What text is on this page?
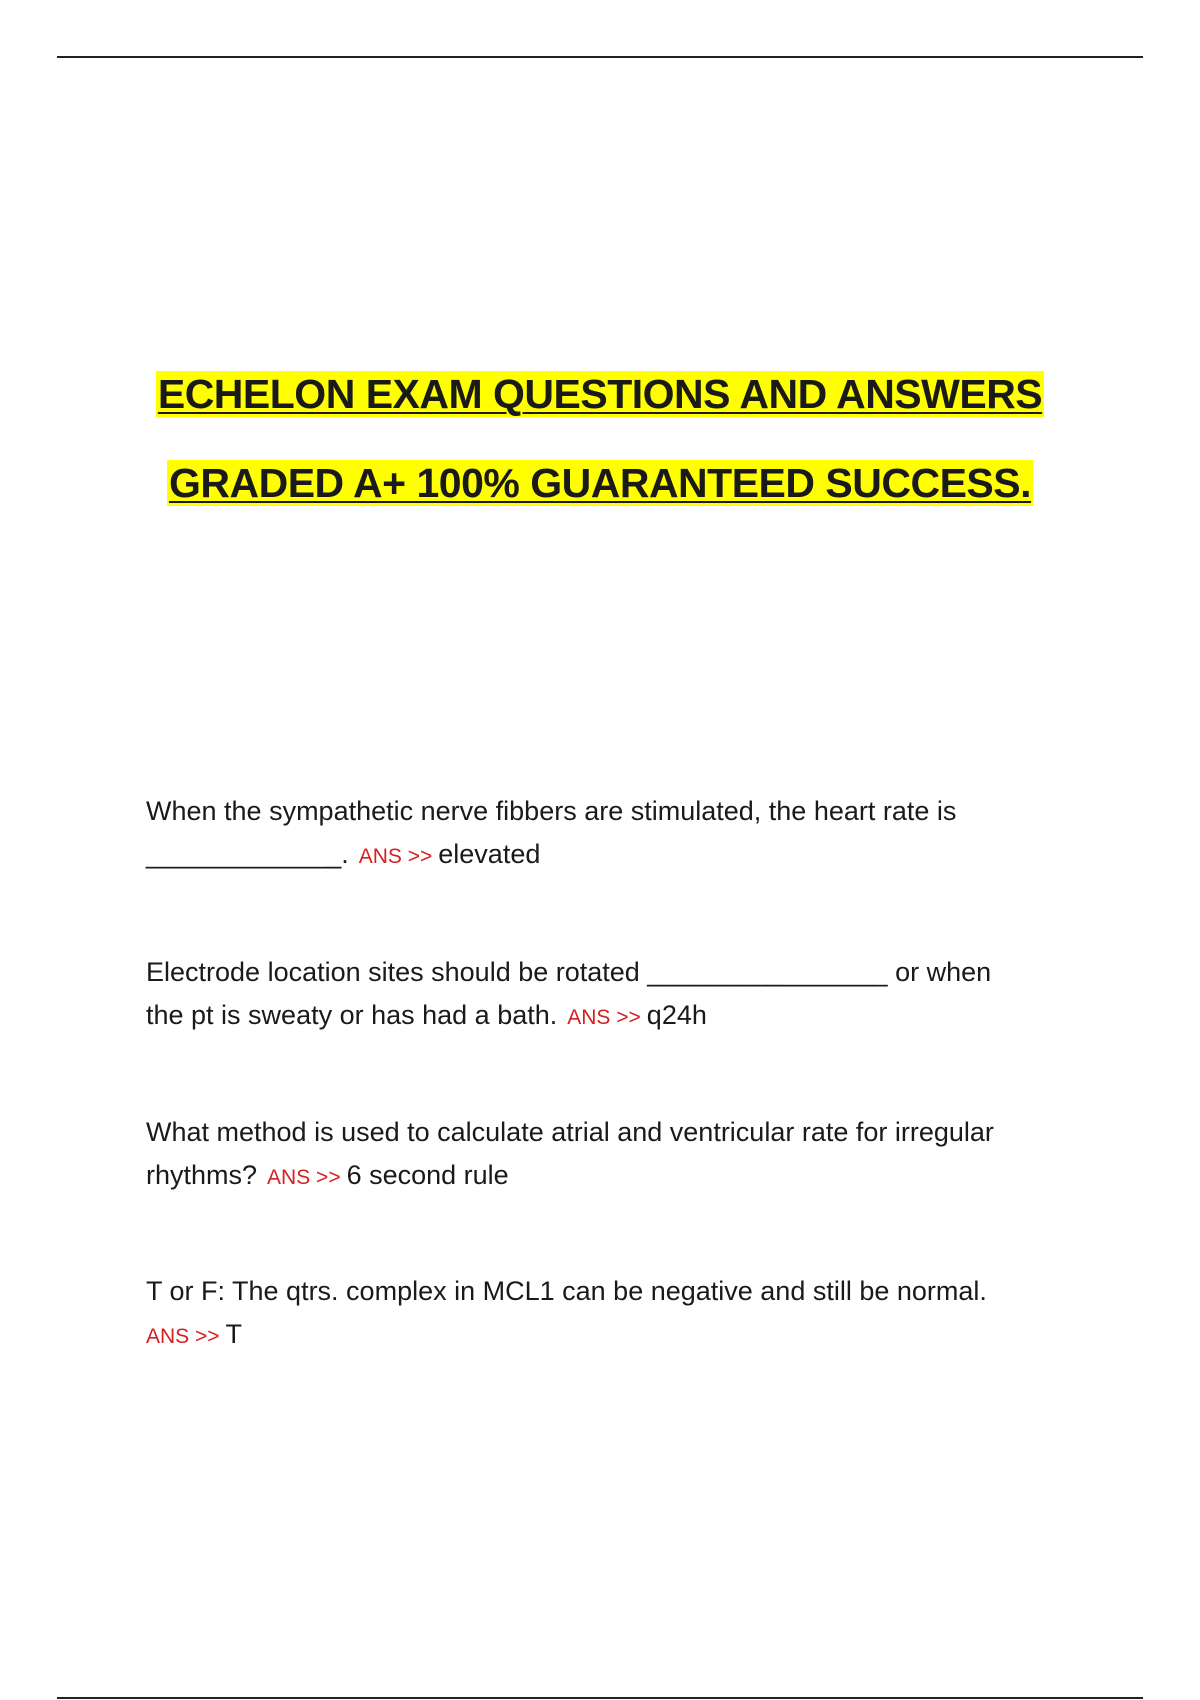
ECHELON EXAM QUESTIONS AND ANSWERS
GRADED A+ 100% GUARANTEED SUCCESS.
When the sympathetic nerve fibbers are stimulated, the heart rate is
_____________. ANS >> elevated
Electrode location sites should be rotated ________________ or when
the pt is sweaty or has had a bath. ANS >> q24h
What method is used to calculate atrial and ventricular rate for irregular
rhythms? ANS >> 6 second rule
T or F: The qtrs. complex in MCL1 can be negative and still be normal.
ANS >> T
